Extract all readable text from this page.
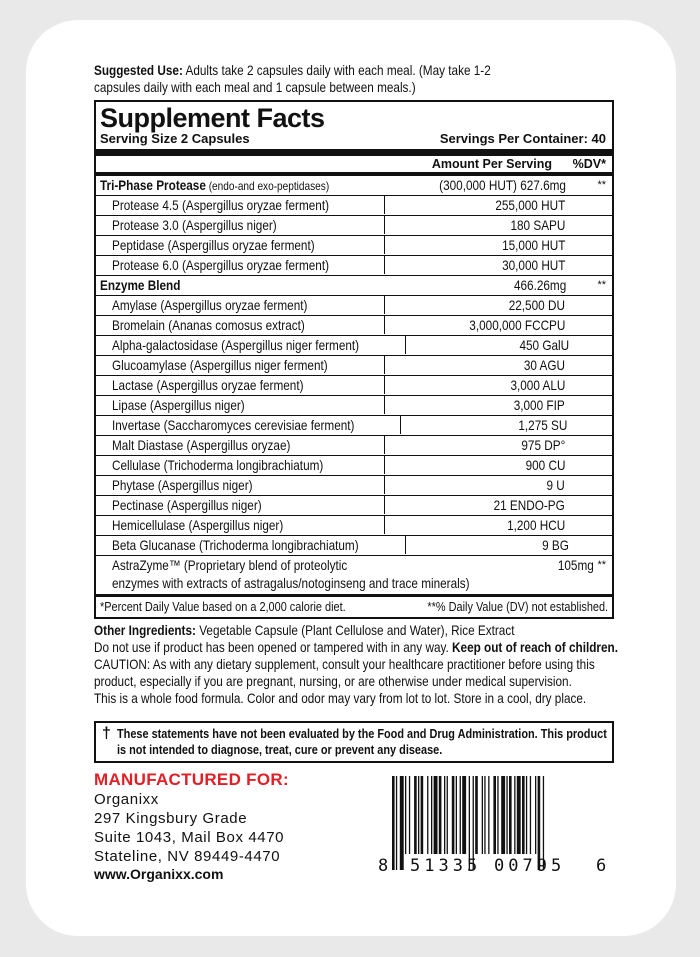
Suggested Use: Adults take 2 capsules daily with each meal. (May take 1-2
capsules daily with each meal and 1 capsule between meals.)
Supplement Facts
Serving Size 2 Capsules	Servings Per Container: 40
Amount Per Serving	%DV*
Tri-Phase Protease (endo-and exo-peptidases)	(300,000 HUT) 627.6mg	**
Protease 4.5 (Aspergillus oryzae ferment)	255,000 HUT
Protease 3.0 (Aspergillus niger)	180 SAPU
Peptidase (Aspergillus oryzae ferment)	15,000 HUT
Protease 6.0 (Aspergillus oryzae ferment)	30,000 HUT
Enzyme Blend	466.26mg	**
Amylase (Aspergillus oryzae ferment)	22,500 DU
Bromelain (Ananas comosus extract)	3,000,000 FCCPU
Alpha-galactosidase (Aspergillus niger ferment)	450 GalU
Glucoamylase (Aspergillus niger ferment)	30 AGU
Lactase (Aspergillus oryzae ferment)	3,000 ALU
Lipase (Aspergillus niger)	3,000 FIP
Invertase (Saccharomyces cerevisiae ferment)	1,275 SU
Malt Diastase (Aspergillus oryzae)	975 DP°
Cellulase (Trichoderma longibrachiatum)	900 CU
Phytase (Aspergillus niger)	9 U
Pectinase (Aspergillus niger)	21 ENDO-PG
Hemicellulase (Aspergillus niger)	1,200 HCU
Beta Glucanase (Trichoderma longibrachiatum)	9 BG
AstraZyme™ (Proprietary blend of proteolytic
enzymes with extracts of astragalus/notoginseng and trace minerals)
105mg **
*Percent Daily Value based on a 2,000 calorie diet.	**% Daily Value (DV) not established.
Other Ingredients: Vegetable Capsule (Plant Cellulose and Water), Rice Extract
Do not use if product has been opened or tampered with in any way. Keep out of reach of children.
CAUTION: As with any dietary supplement, consult your healthcare practitioner before using this
product, especially if you are pregnant, nursing, or are otherwise under medical supervision.
This is a whole food formula. Color and odor may vary from lot to lot. Store in a cool, dry place.
† These statements have not been evaluated by the Food and Drug Administration. This product
is not intended to diagnose, treat, cure or prevent any disease.
MANUFACTURED FOR:
Organixx
297 Kingsbury Grade
Suite 1043, Mail Box 4470
Stateline, NV 89449-4470
www.Organixx.com	8 51335 00795 6
